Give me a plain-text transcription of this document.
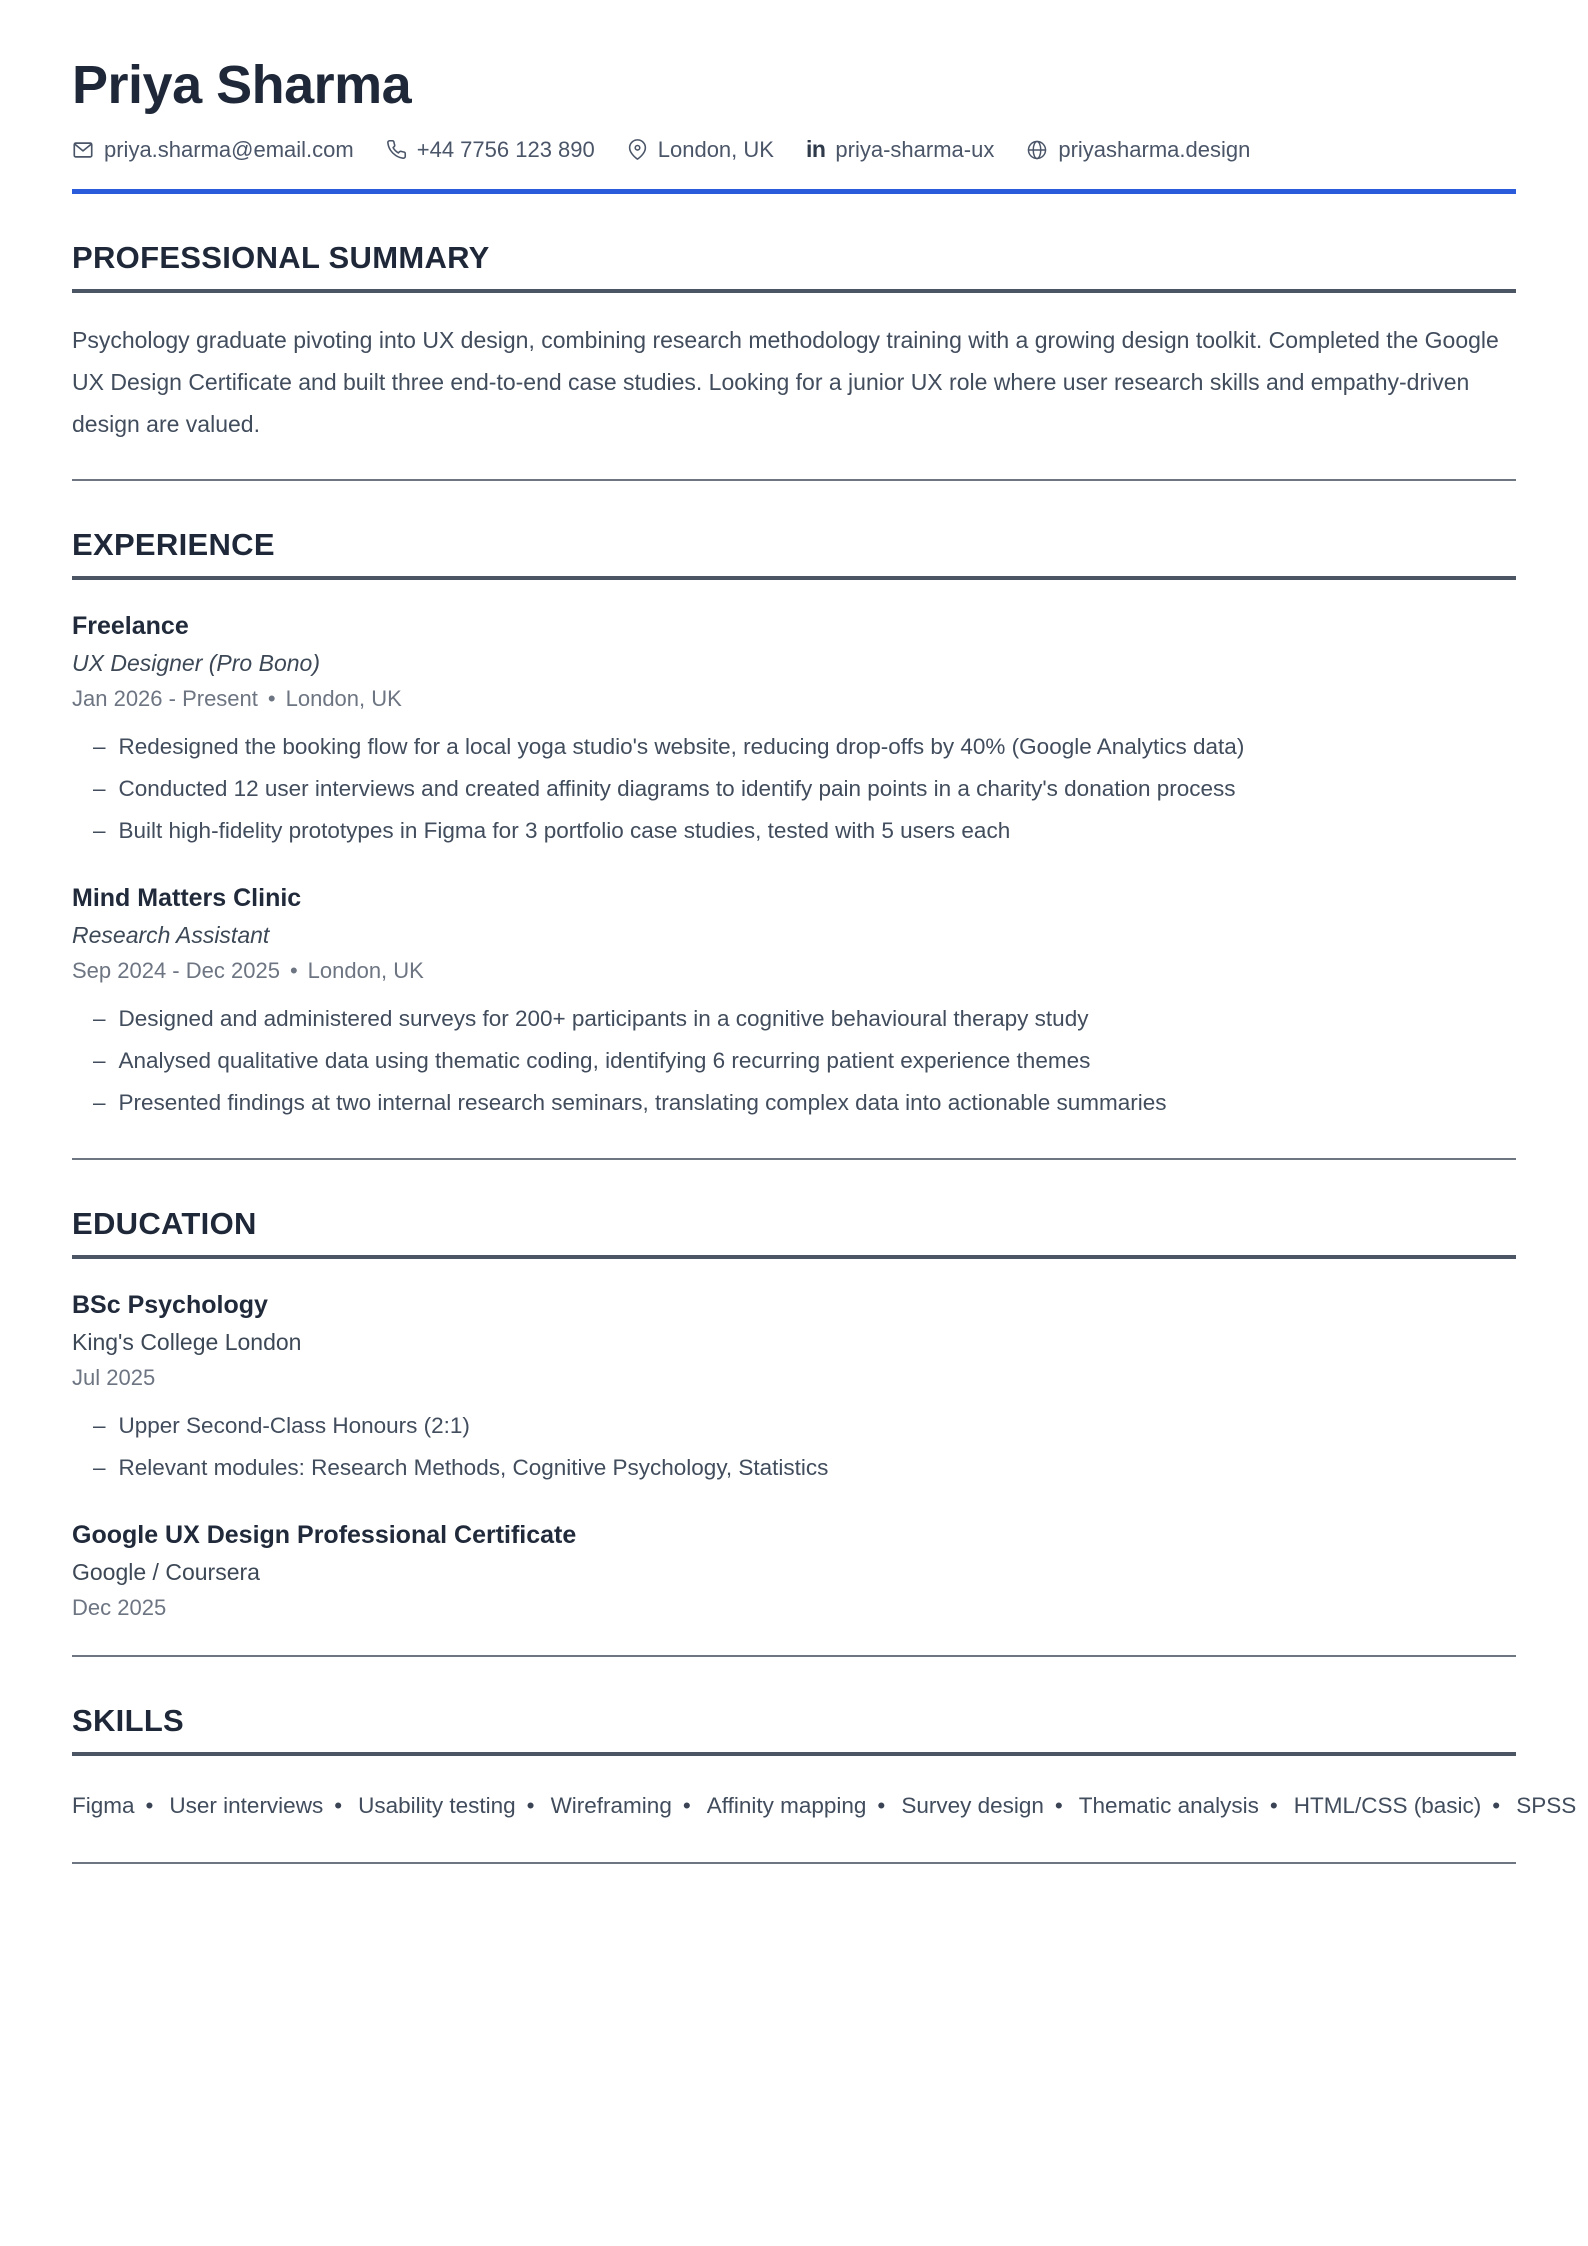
Priya Sharma
priya.sharma@email.com	+44 7756 123 890	London, UK in priya-sharma-ux	priyasharma.design
PROFESSIONAL SUMMARY

Psychology graduate pivoting into UX design, combining research methodology training with a growing design toolkit. Completed the Google UX Design Certificate and built three end-to-end case studies. Looking for a junior UX role where user research skills and empathy-driven design are valued.

EXPERIENCE
Freelance
UX Designer (Pro Bono)
Jan 2026 - Present • London, UK
– Redesigned the booking flow for a local yoga studio's website, reducing drop-offs by 40% (Google Analytics data)
– Conducted 12 user interviews and created affinity diagrams to identify pain points in a charity's donation process
– Built high-fidelity prototypes in Figma for 3 portfolio case studies, tested with 5 users each
Mind Matters Clinic
Research Assistant
Sep 2024 - Dec 2025 • London, UK
– Designed and administered surveys for 200+ participants in a cognitive behavioural therapy study
– Analysed qualitative data using thematic coding, identifying 6 recurring patient experience themes
– Presented findings at two internal research seminars, translating complex data into actionable summaries
EDUCATION
BSc Psychology
King's College London
Jul 2025
– Upper Second-Class Honours (2:1)
– Relevant modules: Research Methods, Cognitive Psychology, Statistics
Google UX Design Professional Certificate
Google / Coursera
Dec 2025
SKILLS

Figma • User interviews • Usability testing • Wireframing • Affinity mapping • Survey design • Thematic analysis • HTML/CSS (basic) • SPSS •
